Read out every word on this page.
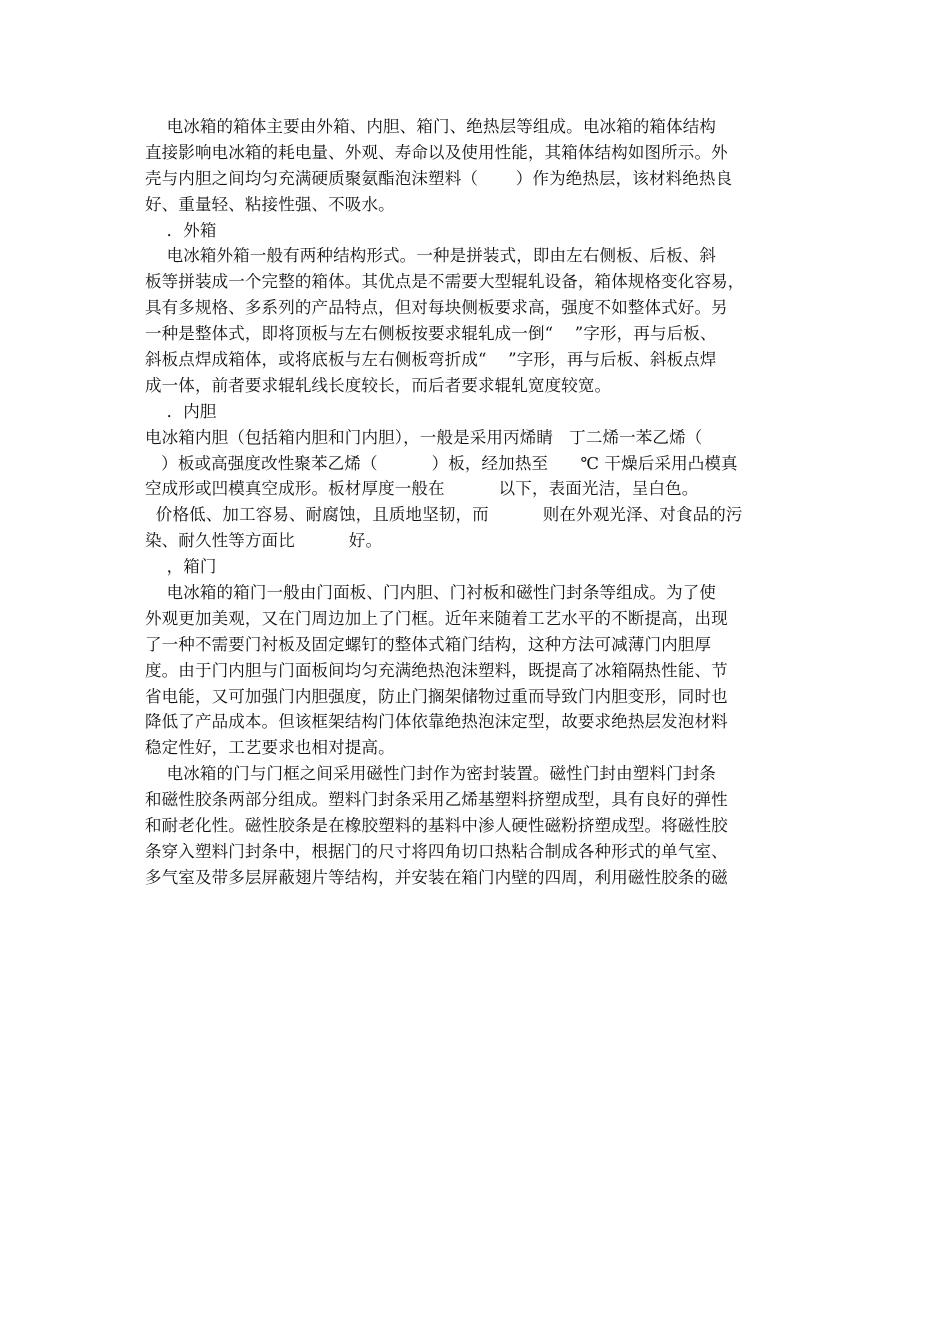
电冰箱的箱体主要由外箱、内胆、箱门、绝热层等组成。电冰箱的箱体结构
直接影响电冰箱的耗电量、外观、寿命以及使用性能，其箱体结构如图所示。外
壳与内胆之间均匀充满硬质聚氨酯泡沫塑料（       ）作为绝热层，该材料绝热良
好、重量轻、粘接性强、不吸水。
．外箱
电冰箱外箱一般有两种结构形式。一种是拼装式，即由左右侧板、后板、斜
板等拼装成一个完整的箱体。其优点是不需要大型辊轧设备，箱体规格变化容易，
具有多规格、多系列的产品特点，但对每块侧板要求高，强度不如整体式好。另
一种是整体式，即将顶板与左右侧板按要求辊轧成一倒“    ”字形，再与后板、
斜板点焊成箱体，或将底板与左右侧板弯折成“    ”字形，再与后板、斜板点焊
成一体，前者要求辊轧线长度较长，而后者要求辊轧宽度较宽。
．内胆
电冰箱内胆（包括箱内胆和门内胆），一般是采用丙烯睛   丁二烯一苯乙烯（
）板或高强度改性聚苯乙烯（          ）板，经加热至      ℃ 干燥后采用凸模真
空成形或凹模真空成形。板材厚度一般在          以下，表面光洁，呈白色。
价格低、加工容易、耐腐蚀，且质地坚韧，而          则在外观光泽、对食品的污
染、耐久性等方面比          好。
，箱门
电冰箱的箱门一般由门面板、门内胆、门衬板和磁性门封条等组成。为了使
外观更加美观，又在门周边加上了门框。近年来随着工艺水平的不断提高，出现
了一种不需要门衬板及固定螺钉的整体式箱门结构，这种方法可减薄门内胆厚
度。由于门内胆与门面板间均匀充满绝热泡沫塑料，既提高了冰箱隔热性能、节
省电能，又可加强门内胆强度，防止门搁架储物过重而导致门内胆变形，同时也
降低了产品成本。但该框架结构门体依靠绝热泡沫定型，故要求绝热层发泡材料
稳定性好，工艺要求也相对提高。
电冰箱的门与门框之间采用磁性门封作为密封装置。磁性门封由塑料门封条
和磁性胶条两部分组成。塑料门封条采用乙烯基塑料挤塑成型，具有良好的弹性
和耐老化性。磁性胶条是在橡胶塑料的基料中渗人硬性磁粉挤塑成型。将磁性胶
条穿入塑料门封条中，根据门的尺寸将四角切口热粘合制成各种形式的单气室、
多气室及带多层屏蔽翅片等结构，并安装在箱门内壁的四周，利用磁性胶条的磁
